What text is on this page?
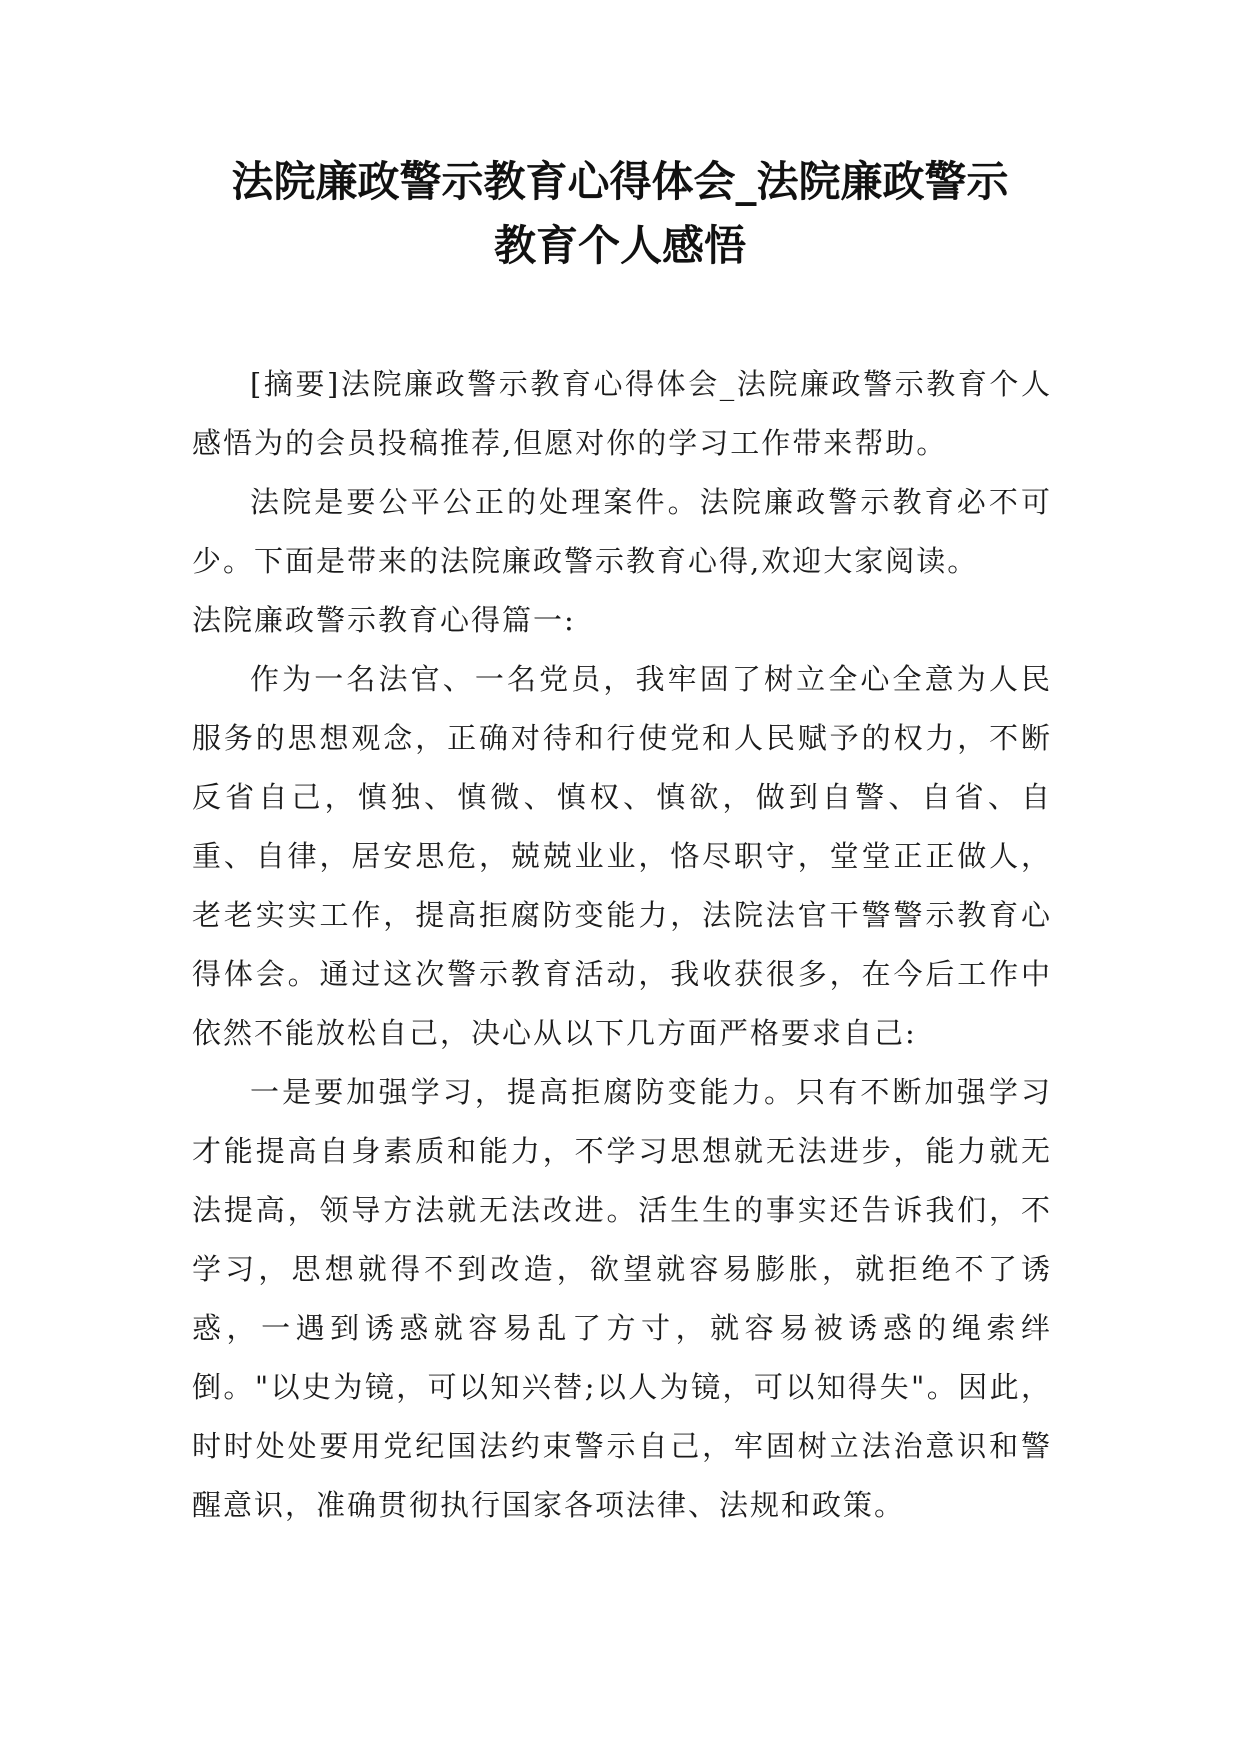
法院廉政警示教育心得体会_法院廉政警示
教育个人感悟

[摘要]法院廉政警示教育心得体会_法院廉政警示教育个人感悟为的会员投稿推荐,但愿对你的学习工作带来帮助。

法院是要公平公正的处理案件。法院廉政警示教育必不可少。下面是带来的法院廉政警示教育心得,欢迎大家阅读。

法院廉政警示教育心得篇一:

作为一名法官、一名党员，我牢固了树立全心全意为人民服务的思想观念，正确对待和行使党和人民赋予的权力，不断反省自己，慎独、慎微、慎权、慎欲，做到自警、自省、自重、自律，居安思危，兢兢业业，恪尽职守，堂堂正正做人，老老实实工作，提高拒腐防变能力，法院法官干警警示教育心得体会。通过这次警示教育活动，我收获很多，在今后工作中依然不能放松自己，决心从以下几方面严格要求自己:

一是要加强学习，提高拒腐防变能力。只有不断加强学习才能提高自身素质和能力，不学习思想就无法进步，能力就无法提高，领导方法就无法改进。活生生的事实还告诉我们，不学习，思想就得不到改造，欲望就容易膨胀，就拒绝不了诱惑，一遇到诱惑就容易乱了方寸，就容易被诱惑的绳索绊倒。"以史为镜，可以知兴替;以人为镜，可以知得失"。因此，时时处处要用党纪国法约束警示自己，牢固树立法治意识和警醒意识，准确贯彻执行国家各项法律、法规和政策。
